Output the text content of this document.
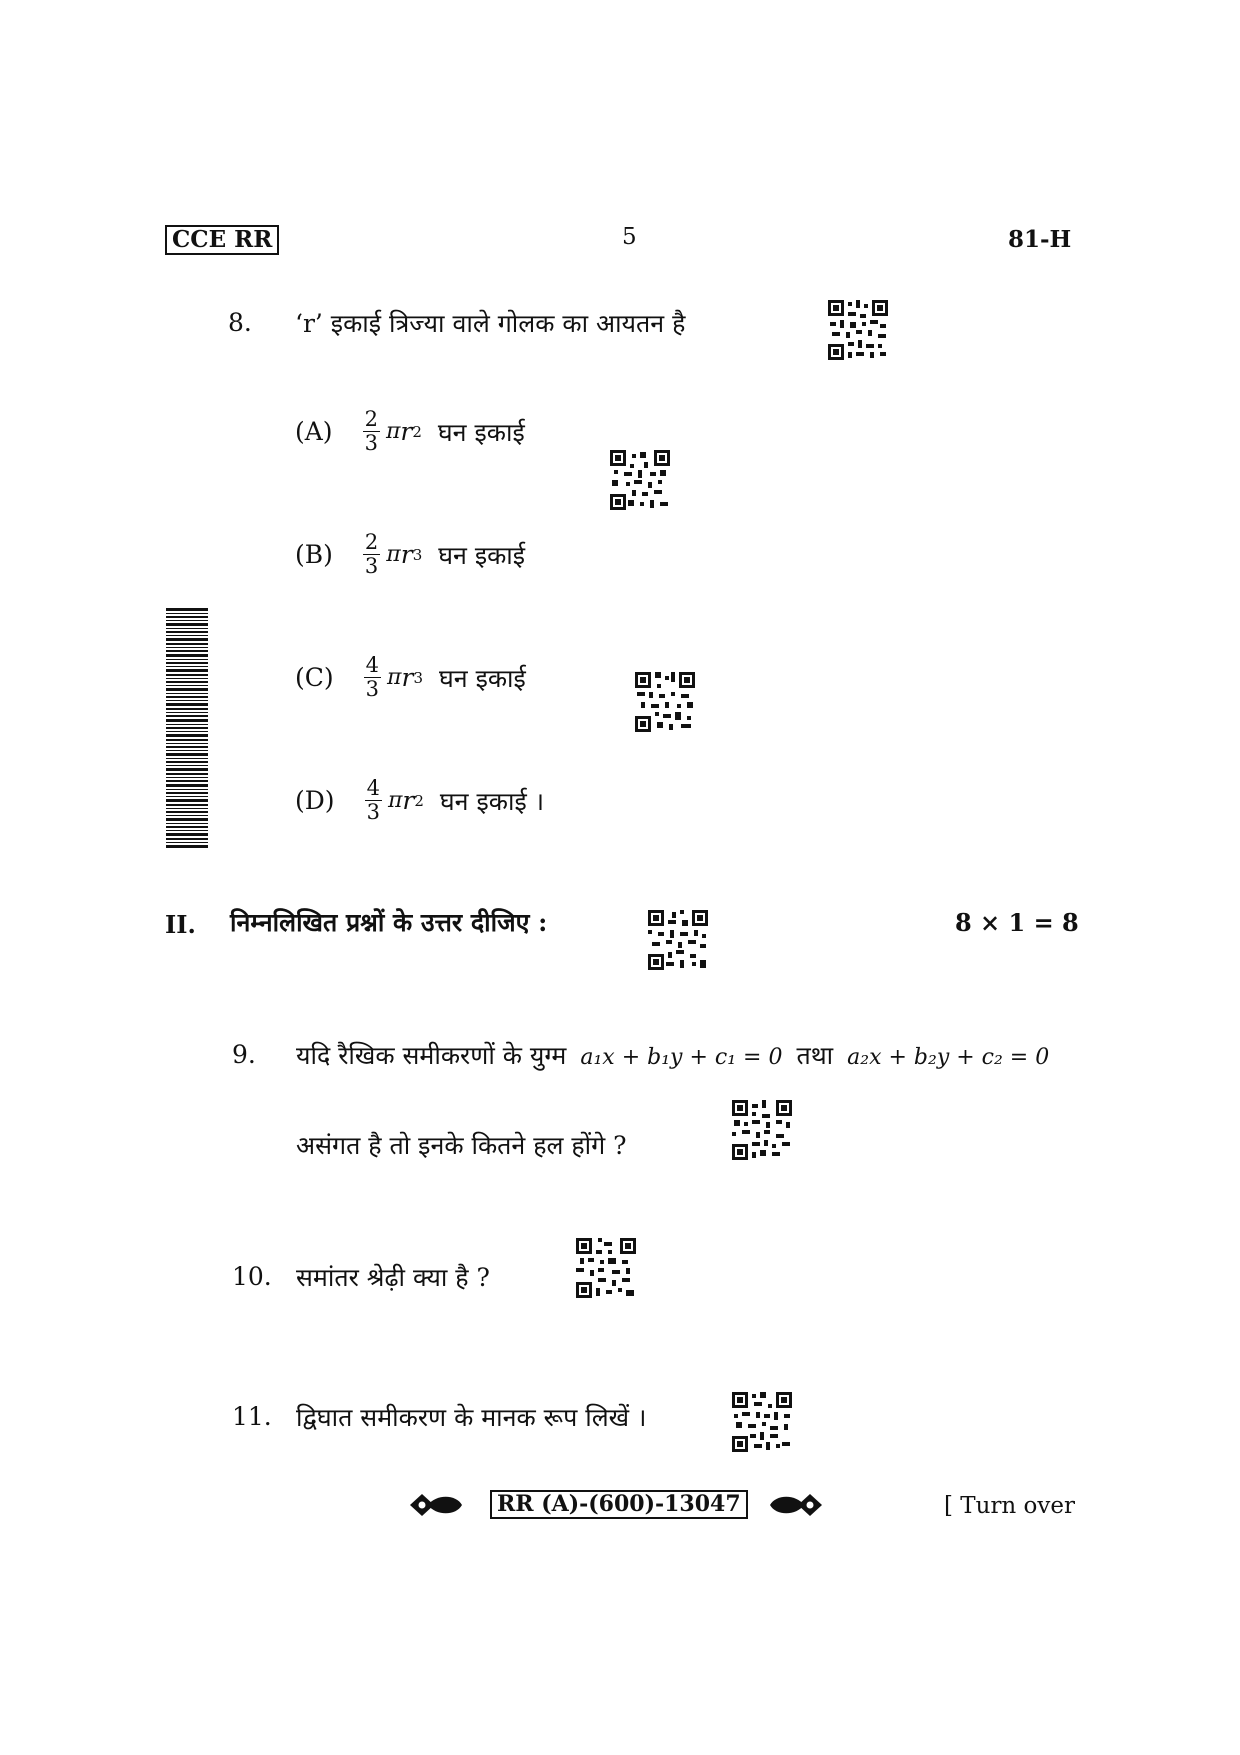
CCE RR	5	81-H
8. ‘r’ इकाई त्रिज्या वाले गोलक का आयतन है
$(A) \frac{2}{3}$ π r 2 घन इकाई
$(B) \frac{2}{3}$ π r 3 घन इकाई
$(C) \frac{4}{3}$ π r 3 घन इकाई
$(D) \frac{4}{3}$ π r 2 घन इकाई ।
II. निम्नलिखित प्रश्नों के उत्तर दीजिए :	8 × 1 = 8
9. यदि रैखिक समीकरणों के युग्म a₁x + b₁y + c₁ = 0 तथा a₂x + b₂y + c₂ = 0
असंगत है तो इनके कितने हल होंगे ?
10. समांतर श्रेढ़ी क्या है ?
11. द्विघात समीकरण के मानक रूप लिखें ।
RR (A)-(600)-13047	[ Turn over
